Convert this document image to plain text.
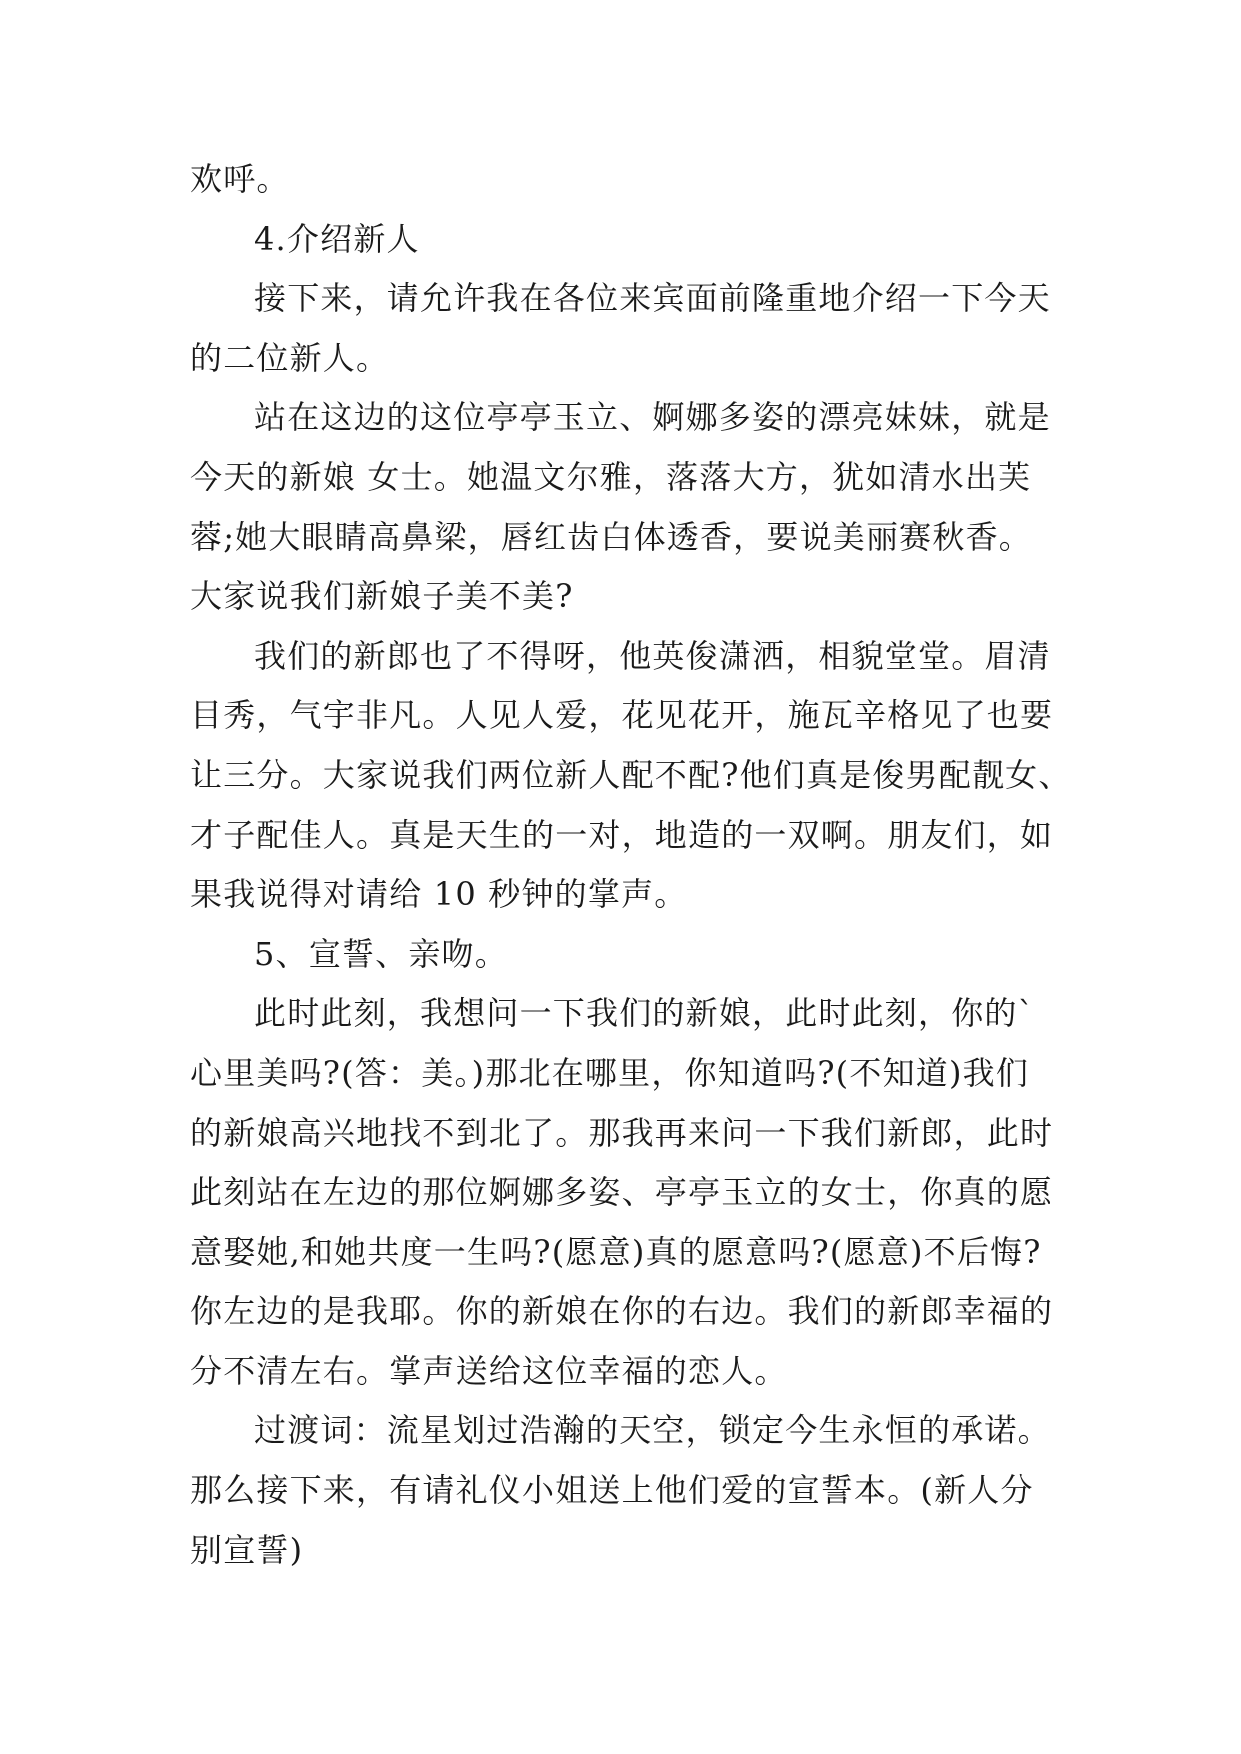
欢呼。
4.介绍新人
接下来，请允许我在各位来宾面前隆重地介绍一下今天
的二位新人。
站在这边的这位亭亭玉立、婀娜多姿的漂亮妹妹，就是
今天的新娘 女士。她温文尔雅，落落大方，犹如清水出芙
蓉;她大眼睛高鼻梁，唇红齿白体透香，要说美丽赛秋香。
大家说我们新娘子美不美?
我们的新郎也了不得呀，他英俊潇洒，相貌堂堂。眉清
目秀，气宇非凡。人见人爱，花见花开，施瓦辛格见了也要
让三分。大家说我们两位新人配不配?他们真是俊男配靓女、
才子配佳人。真是天生的一对，地造的一双啊。朋友们，如
果我说得对请给 10 秒钟的掌声。
5、宣誓、亲吻。
此时此刻，我想问一下我们的新娘，此时此刻，你的`
心里美吗?(答：美。)那北在哪里，你知道吗?(不知道)我们
的新娘高兴地找不到北了。那我再来问一下我们新郎，此时
此刻站在左边的那位婀娜多姿、亭亭玉立的女士，你真的愿
意娶她,和她共度一生吗?(愿意)真的愿意吗?(愿意)不后悔?
你左边的是我耶。你的新娘在你的右边。我们的新郎幸福的
分不清左右。掌声送给这位幸福的恋人。
过渡词：流星划过浩瀚的天空，锁定今生永恒的承诺。
那么接下来，有请礼仪小姐送上他们爱的宣誓本。(新人分
别宣誓)
